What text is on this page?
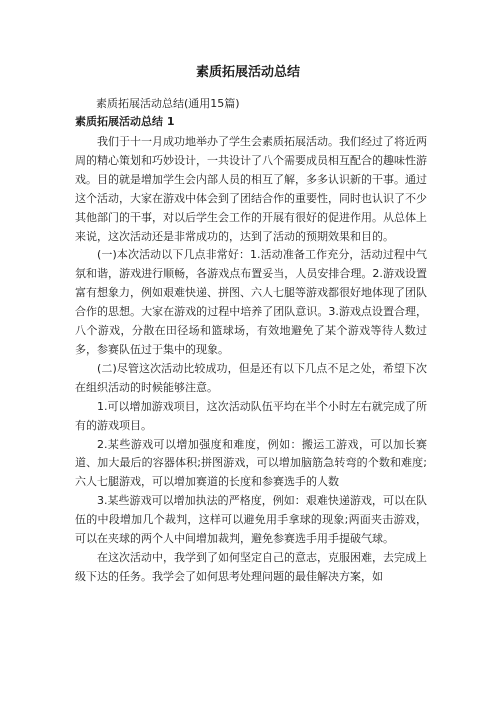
素质拓展活动总结
素质拓展活动总结(通用15篇)
素质拓展活动总结 1

我们于十一月成功地举办了学生会素质拓展活动。我们经过了将近两周的精心策划和巧妙设计，一共设计了八个需要成员相互配合的趣味性游戏。目的就是增加学生会内部人员的相互了解，多多认识新的干事。通过这个活动，大家在游戏中体会到了团结合作的重要性，同时也认识了不少其他部门的干事，对以后学生会工作的开展有很好的促进作用。从总体上来说，这次活动还是非常成功的，达到了活动的预期效果和目的。

(一)本次活动以下几点非常好：1.活动准备工作充分，活动过程中气氛和谐，游戏进行顺畅，各游戏点布置妥当，人员安排合理。2.游戏设置富有想象力，例如艰难快递、拼图、六人七腿等游戏都很好地体现了团队合作的思想。大家在游戏的过程中培养了团队意识。3.游戏点设置合理，八个游戏，分散在田径场和篮球场，有效地避免了某个游戏等待人数过多，参赛队伍过于集中的现象。

(二)尽管这次活动比较成功，但是还有以下几点不足之处，希望下次在组织活动的时候能够注意。

1.可以增加游戏项目，这次活动队伍平均在半个小时左右就完成了所有的游戏项目。

2.某些游戏可以增加强度和难度，例如：搬运工游戏，可以加长赛道、加大最后的容器体积;拼图游戏，可以增加脑筋急转弯的个数和难度;六人七腿游戏，可以增加赛道的长度和参赛选手的人数

3.某些游戏可以增加执法的严格度，例如：艰难快递游戏，可以在队伍的中段增加几个裁判，这样可以避免用手拿球的现象;两面夹击游戏，可以在夹球的两个人中间增加裁判，避免参赛选手用手提破气球。

在这次活动中，我学到了如何坚定自己的意志，克服困难，去完成上级下达的任务。我学会了如何思考处理问题的最佳解决方案，如
